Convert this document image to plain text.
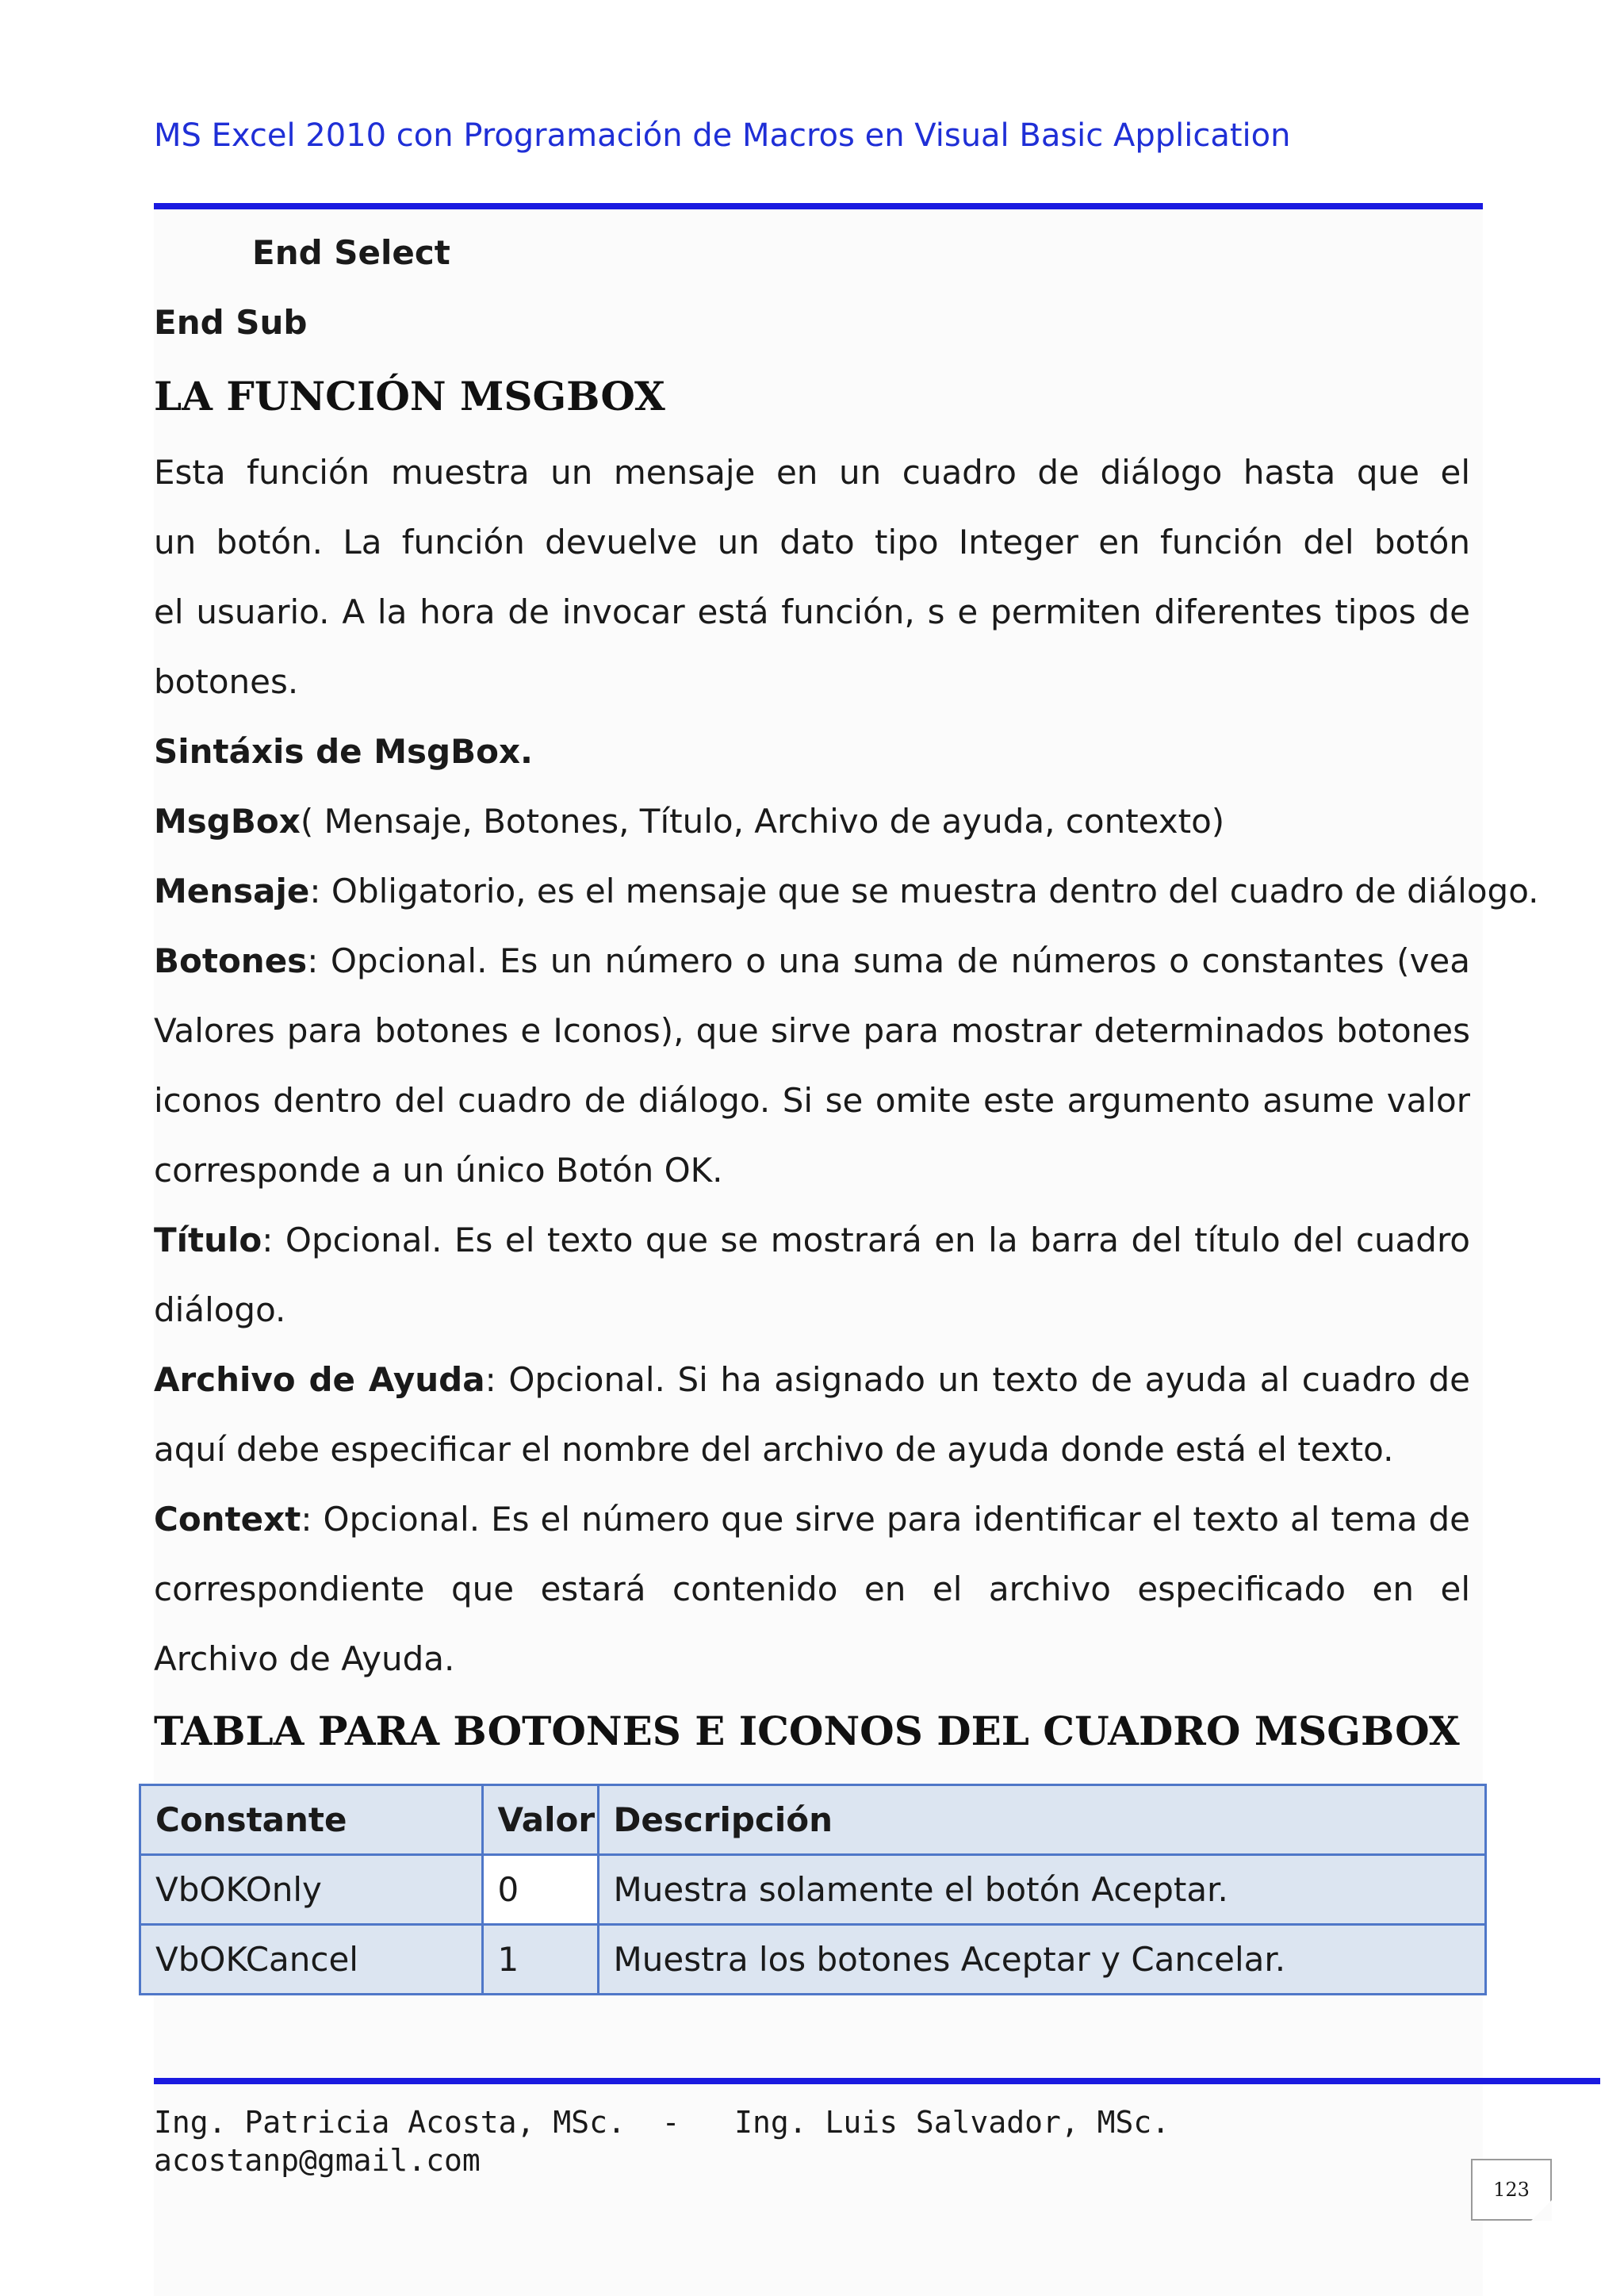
MS Excel 2010 con Programación de Macros en Visual Basic Application
End Select
End Sub
LA FUNCIÓN MSGBOX
Esta función muestra un mensaje en un cuadro de diálogo hasta que el
un botón. La función devuelve un dato tipo Integer en función del botón
el usuario. A la hora de invocar está función, s e permiten diferentes tipos de
botones.
Sintáxis de MsgBox.
MsgBox( Mensaje, Botones, Título, Archivo de ayuda, contexto)
Mensaje: Obligatorio, es el mensaje que se muestra dentro del cuadro de diálogo.
Botones: Opcional. Es un número o una suma de números o constantes (vea
Valores para botones e Iconos), que sirve para mostrar determinados botones
iconos dentro del cuadro de diálogo. Si se omite este argumento asume valor
corresponde a un único Botón OK.
Título: Opcional. Es el texto que se mostrará en la barra del título del cuadro
diálogo.
Archivo de Ayuda: Opcional. Si ha asignado un texto de ayuda al cuadro de
aquí debe especificar el nombre del archivo de ayuda donde está el texto.
Context: Opcional. Es el número que sirve para identificar el texto al tema de
correspondiente que estará contenido en el archivo especificado en el
Archivo de Ayuda.
TABLA PARA BOTONES E ICONOS DEL CUADRO MSGBOX
Constante	Valor	Descripción
VbOKOnly	0	Muestra solamente el botón Aceptar.
VbOKCancel	1	Muestra los botones Aceptar y Cancelar.
Ing. Patricia Acosta, MSc.  -   Ing. Luis Salvador, MSc.
acostanp@gmail.com
123
